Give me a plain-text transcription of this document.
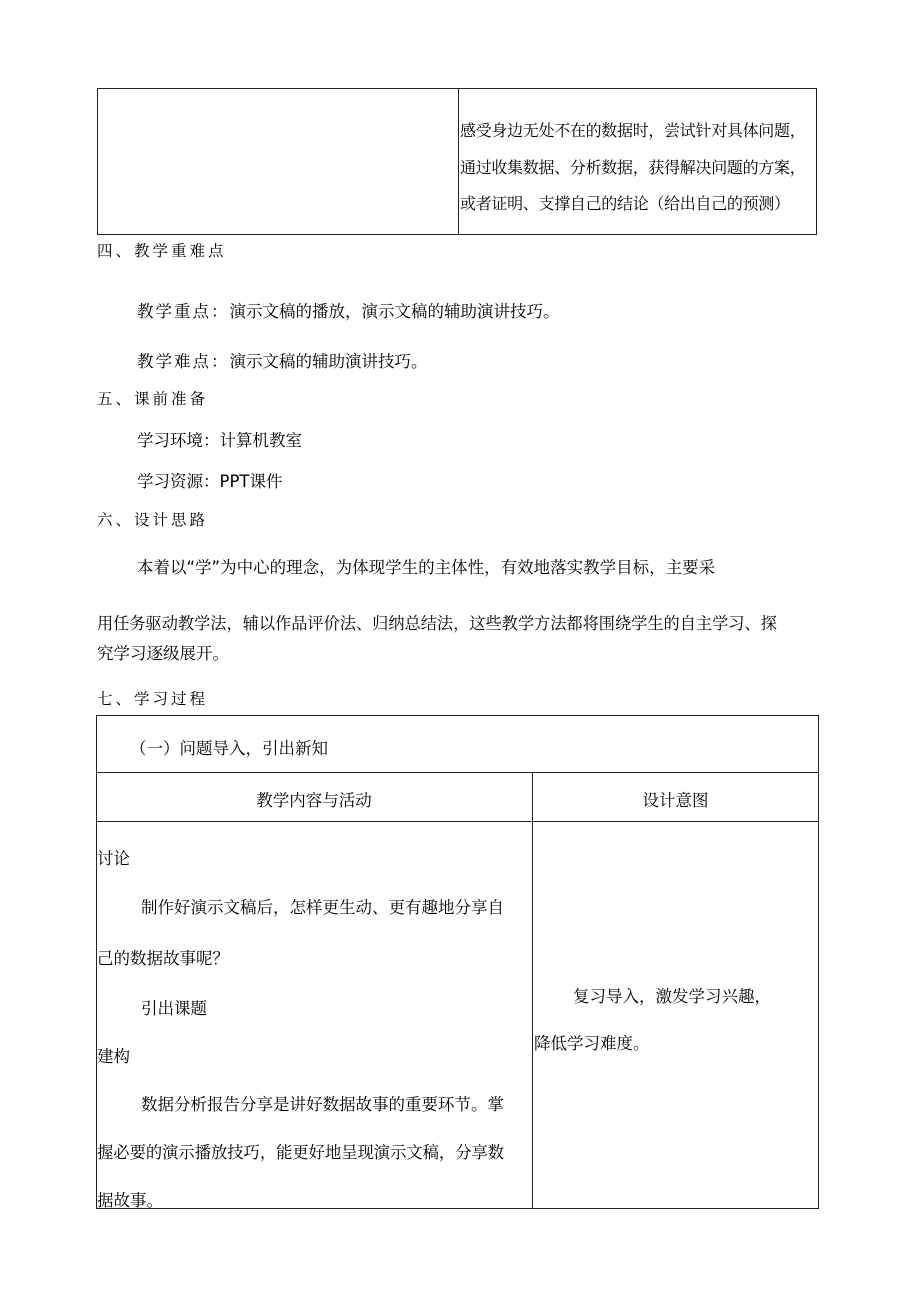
感受身边无处不在的数据时，尝试针对具体问题，
通过收集数据、分析数据，获得解决问题的方案，
或者证明、支撑自己的结论（给出自己的预测）
四、教学重难点
教学重点：演示文稿的播放，演示文稿的辅助演讲技巧。
教学难点：演示文稿的辅助演讲技巧。
五、课前准备
学习环境：计算机教室
学习资源：PPT课件
六、设计思路
本着以“学”为中心的理念，为体现学生的主体性，有效地落实教学目标，主要采
用任务驱动教学法，辅以作品评价法、归纳总结法，这些教学方法都将围绕学生的自主学习、探
究学习逐级展开。
七、学习过程
（一）问题导入，引出新知
教学内容与活动	设计意图
讨论
制作好演示文稿后，怎样更生动、更有趣地分享自
己的数据故事呢？
引出课题
建构
数据分析报告分享是讲好数据故事的重要环节。掌
握必要的演示播放技巧，能更好地呈现演示文稿，分享数
据故事。
复习导入，激发学习兴趣，
降低学习难度。
